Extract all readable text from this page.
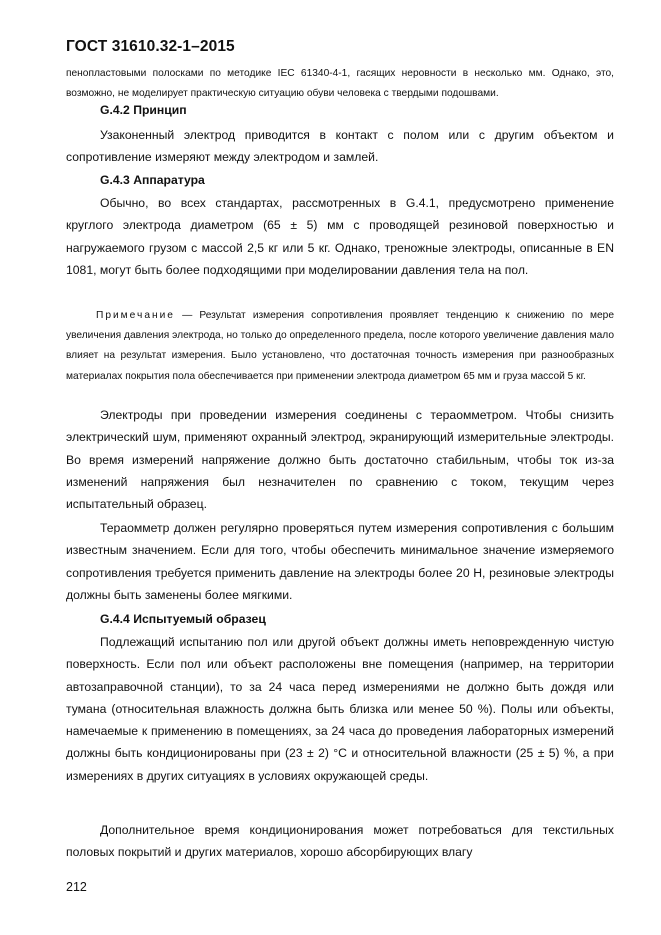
ГОСТ 31610.32-1–2015
пенопластовыми полосками по методике IEC 61340-4-1, гасящих неровности в несколько мм. Однако, это, возможно, не моделирует практическую ситуацию обуви человека с твердыми подошвами.
G.4.2 Принцип
Узаконенный электрод приводится в контакт с полом или с другим объектом и сопротивление измеряют между электродом и замлей.
G.4.3 Аппаратура
Обычно, во всех стандартах, рассмотренных в G.4.1, предусмотрено применение круглого электрода диаметром (65 ± 5) мм с проводящей резиновой поверхностью и нагружаемого грузом с массой 2,5 кг или 5 кг. Однако, треножные электроды, описанные в EN 1081, могут быть более подходящими при моделировании давления тела на пол.
Примечание — Результат измерения сопротивления проявляет тенденцию к снижению по мере увеличения давления электрода, но только до определенного предела, после которого увеличение давления мало влияет на результат измерения. Было установлено, что достаточная точность измерения при разнообразных материалах покрытия пола обеспечивается при применении электрода диаметром 65 мм и груза массой 5 кг.
Электроды при проведении измерения соединены с тераомметром. Чтобы снизить электрический шум, применяют охранный электрод, экранирующий измерительные электроды. Во время измерений напряжение должно быть достаточно стабильным, чтобы ток из-за изменений напряжения был незначителен по сравнению с током, текущим через испытательный образец.
Тераомметр должен регулярно проверяться путем измерения сопротивления с большим известным значением. Если для того, чтобы обеспечить минимальное значение измеряемого сопротивления требуется применить давление на электроды более 20 Н, резиновые электроды должны быть заменены более мягкими.
G.4.4 Испытуемый образец
Подлежащий испытанию пол или другой объект должны иметь неповрежденную чистую поверхность. Если пол или объект расположены вне помещения (например, на территории автозаправочной станции), то за 24 часа перед измерениями не должно быть дождя или тумана (относительная влажность должна быть близка или менее 50 %). Полы или объекты, намечаемые к применению в помещениях, за 24 часа до проведения лабораторных измерений должны быть кондиционированы при (23 ± 2) °С и относительной влажности (25 ± 5) %, а при измерениях в других ситуациях в условиях окружающей среды.
Дополнительное время кондиционирования может потребоваться для текстильных половых покрытий и других материалов, хорошо абсорбирующих влагу
212
